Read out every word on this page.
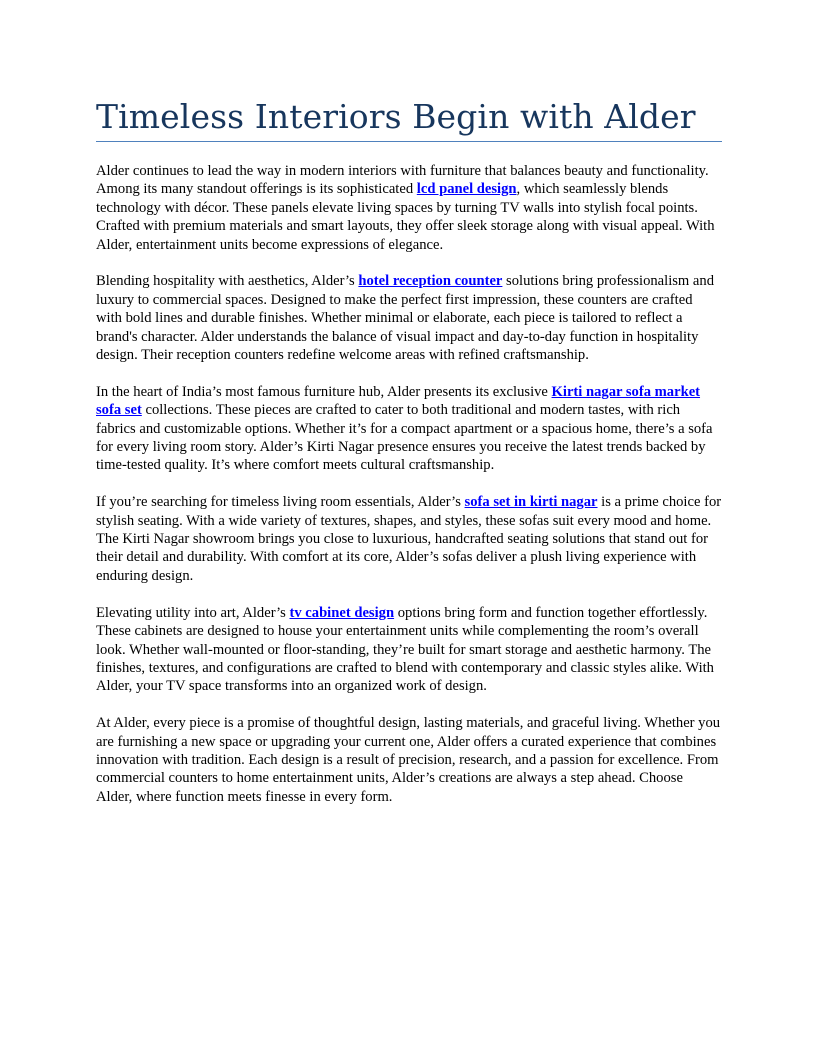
Timeless Interiors Begin with Alder

Alder continues to lead the way in modern interiors with furniture that balances beauty and functionality. Among its many standout offerings is its sophisticated lcd panel design, which seamlessly blends technology with décor. These panels elevate living spaces by turning TV walls into stylish focal points. Crafted with premium materials and smart layouts, they offer sleek storage along with visual appeal. With Alder, entertainment units become expressions of elegance.

Blending hospitality with aesthetics, Alder’s hotel reception counter solutions bring professionalism and luxury to commercial spaces. Designed to make the perfect first impression, these counters are crafted with bold lines and durable finishes. Whether minimal or elaborate, each piece is tailored to reflect a brand's character. Alder understands the balance of visual impact and day-to-day function in hospitality design. Their reception counters redefine welcome areas with refined craftsmanship.

In the heart of India’s most famous furniture hub, Alder presents its exclusive Kirti nagar sofa market sofa set collections. These pieces are crafted to cater to both traditional and modern tastes, with rich fabrics and customizable options. Whether it’s for a compact apartment or a spacious home, there’s a sofa for every living room story. Alder’s Kirti Nagar presence ensures you receive the latest trends backed by time-tested quality. It’s where comfort meets cultural craftsmanship.

If you’re searching for timeless living room essentials, Alder’s sofa set in kirti nagar is a prime choice for stylish seating. With a wide variety of textures, shapes, and styles, these sofas suit every mood and home. The Kirti Nagar showroom brings you close to luxurious, handcrafted seating solutions that stand out for their detail and durability. With comfort at its core, Alder’s sofas deliver a plush living experience with enduring design.

Elevating utility into art, Alder’s tv cabinet design options bring form and function together effortlessly. These cabinets are designed to house your entertainment units while complementing the room’s overall look. Whether wall-mounted or floor-standing, they’re built for smart storage and aesthetic harmony. The finishes, textures, and configurations are crafted to blend with contemporary and classic styles alike. With Alder, your TV space transforms into an organized work of design.

At Alder, every piece is a promise of thoughtful design, lasting materials, and graceful living. Whether you are furnishing a new space or upgrading your current one, Alder offers a curated experience that combines innovation with tradition. Each design is a result of precision, research, and a passion for excellence. From commercial counters to home entertainment units, Alder’s creations are always a step ahead. Choose Alder, where function meets finesse in every form.
